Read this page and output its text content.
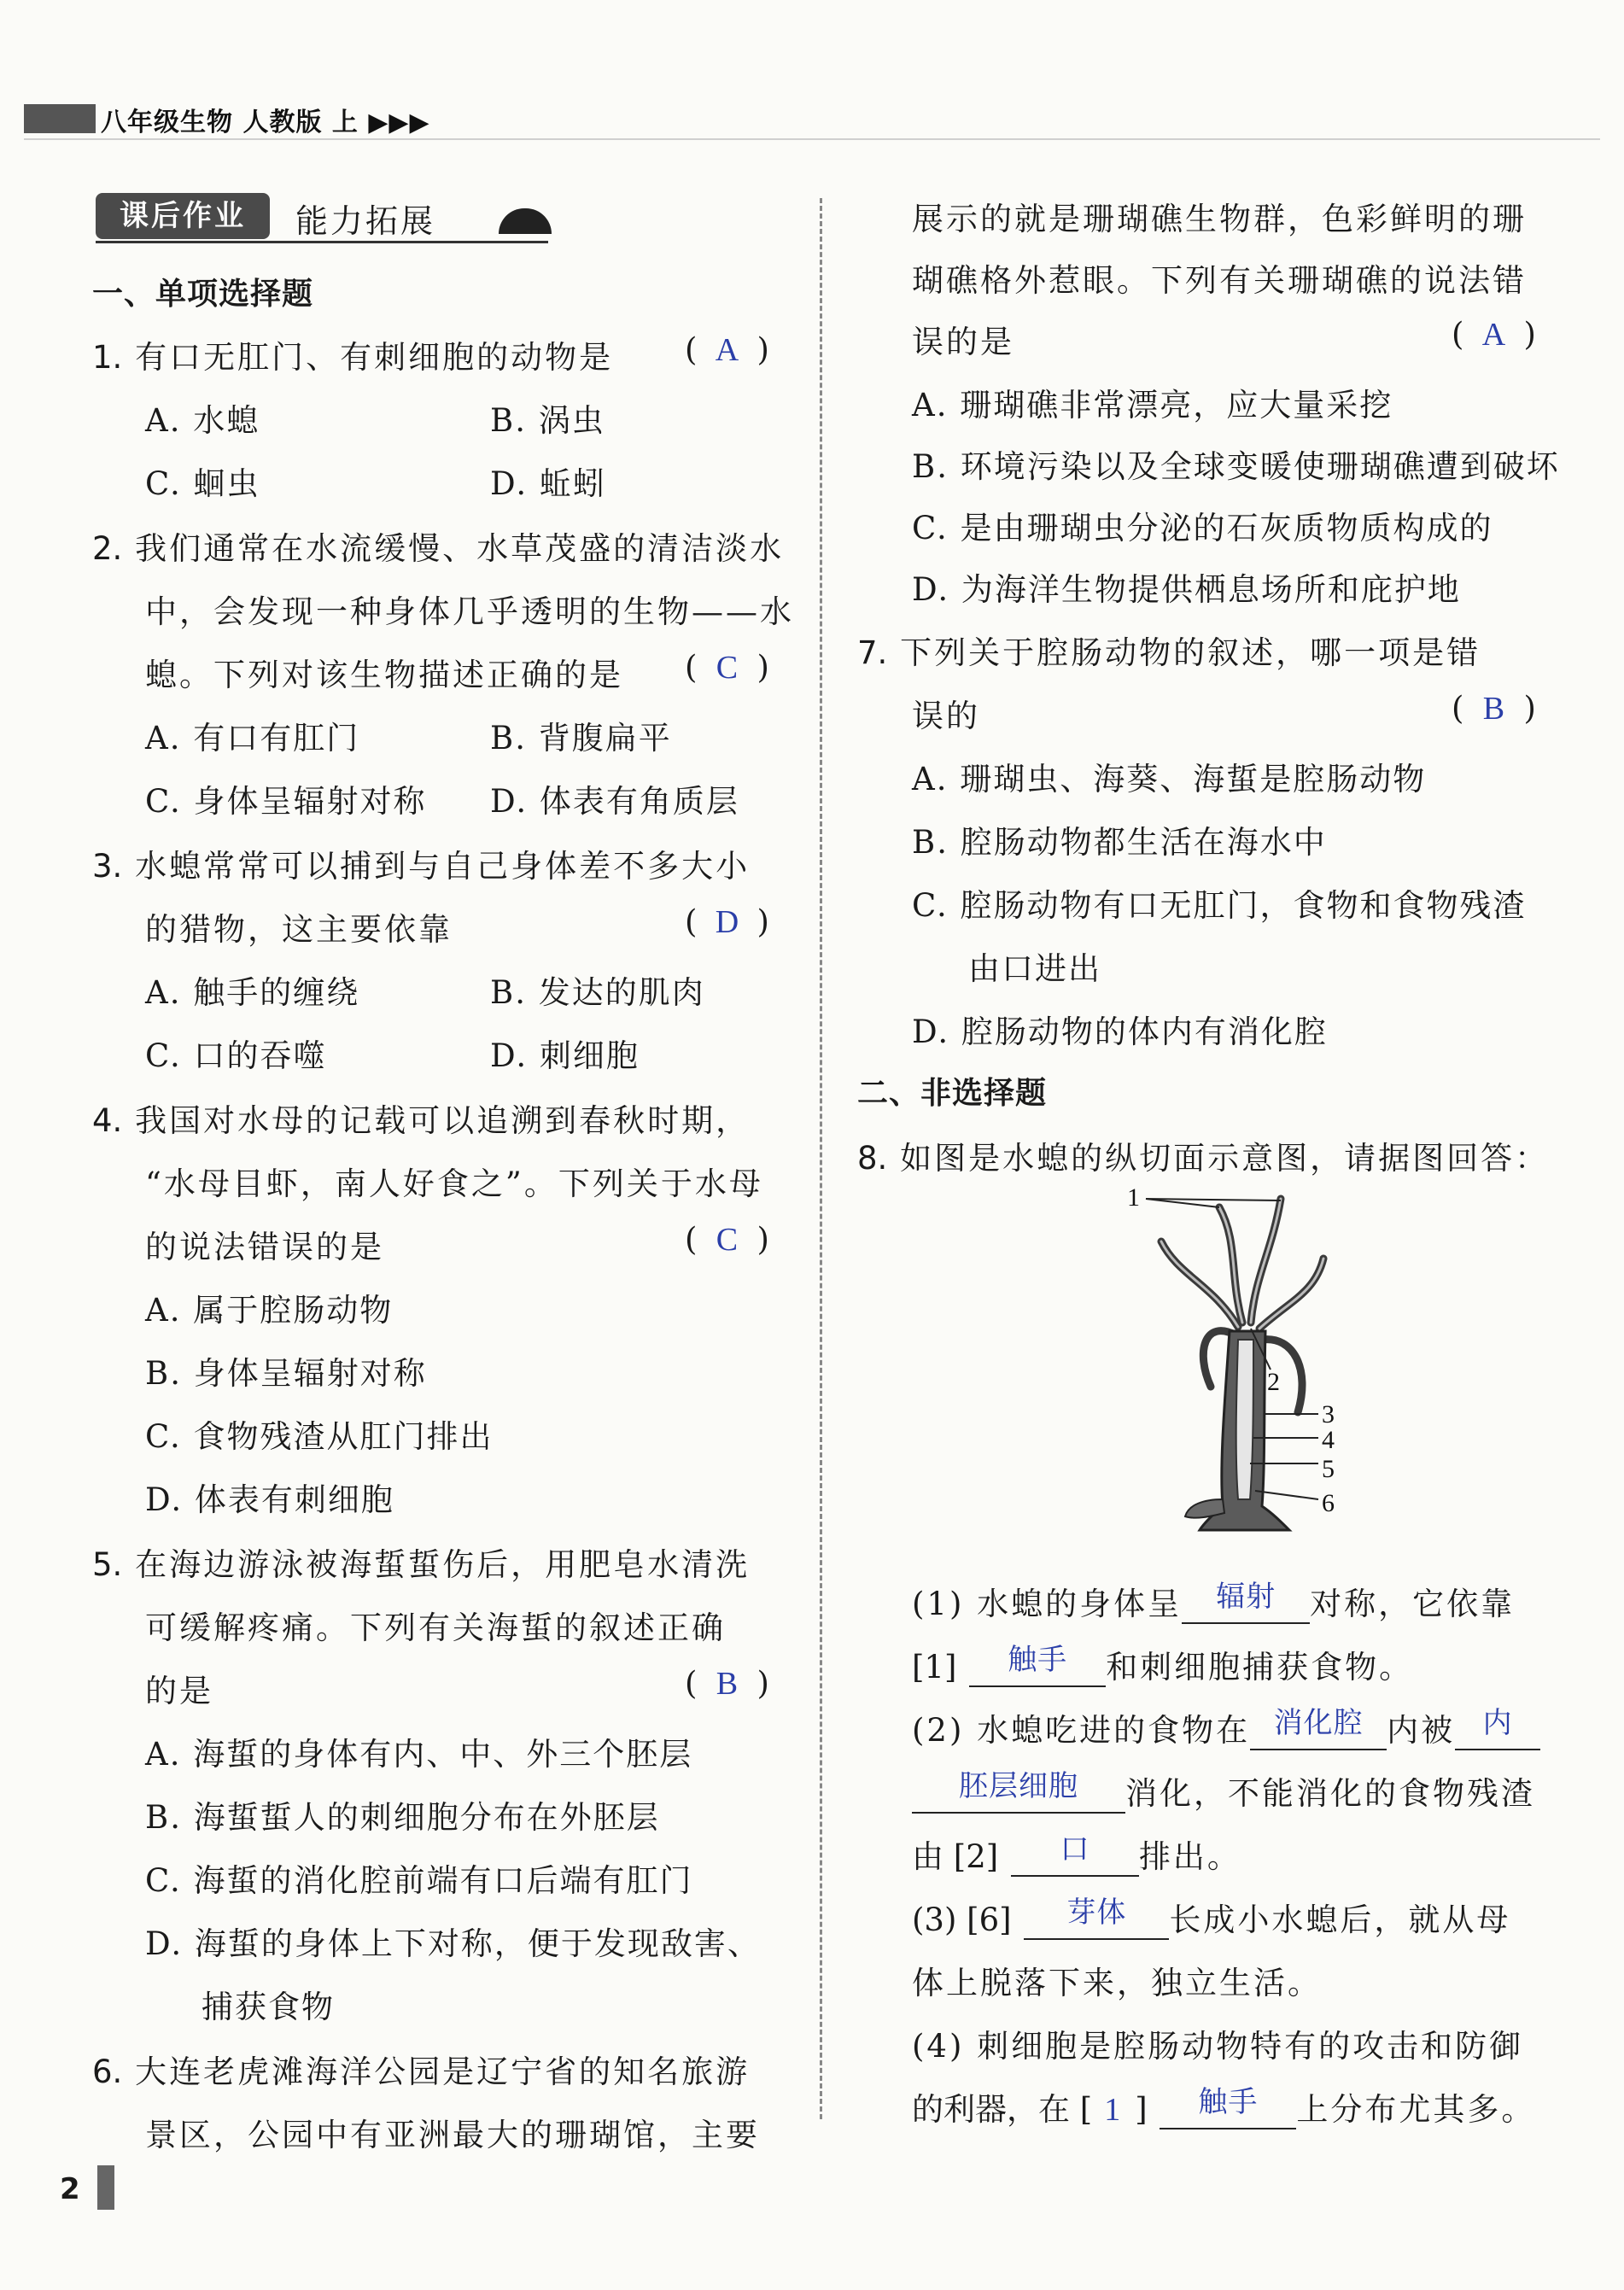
八年级生物 人教版 上 ▶▶▶
课后作业	能力拓展
一、单项选择题
1. 有口无肛门、有刺细胞的动物是 ( A )
A. 水螅	B. 涡虫
C. 蛔虫	D. 蚯蚓
2. 我们通常在水流缓慢、水草茂盛的清洁淡水
中，会发现一种身体几乎透明的生物——水
螅。下列对该生物描述正确的是 ( C )
A. 有口有肛门	B. 背腹扁平
C. 身体呈辐射对称 D. 体表有角质层
3. 水螅常常可以捕到与自己身体差不多大小
的猎物，这主要依靠	( D )
A. 触手的缠绕	B. 发达的肌肉
C. 口的吞噬	D. 刺细胞
4. 我国对水母的记载可以追溯到春秋时期，
“水母目虾，南人好食之”。下列关于水母
的说法错误的是	( C )
A. 属于腔肠动物
B. 身体呈辐射对称
C. 食物残渣从肛门排出
D. 体表有刺细胞
5. 在海边游泳被海蜇蜇伤后，用肥皂水清洗
可缓解疼痛。下列有关海蜇的叙述正确
的是	( B )
A. 海蜇的身体有内、中、外三个胚层
B. 海蜇蜇人的刺细胞分布在外胚层
C. 海蜇的消化腔前端有口后端有肛门
D. 海蜇的身体上下对称，便于发现敌害、
捕获食物
6. 大连老虎滩海洋公园是辽宁省的知名旅游
景区，公园中有亚洲最大的珊瑚馆，主要
展示的就是珊瑚礁生物群，色彩鲜明的珊
瑚礁格外惹眼。下列有关珊瑚礁的说法错
误的是	( A )
A. 珊瑚礁非常漂亮，应大量采挖
B. 环境污染以及全球变暖使珊瑚礁遭到破坏
C. 是由珊瑚虫分泌的石灰质物质构成的
D. 为海洋生物提供栖息场所和庇护地
7. 下列关于腔肠动物的叙述，哪一项是错
误的	( B )
A. 珊瑚虫、海葵、海蜇是腔肠动物
B. 腔肠动物都生活在海水中
C. 腔肠动物有口无肛门，食物和食物残渣
由口进出
D. 腔肠动物的体内有消化腔
二、非选择题
8. 如图是水螅的纵切面示意图，请据图回答：
1
2
3
4
5
6
(1) 水螅的身体呈	辐射	对称，它依靠
[1]	触手	和刺细胞捕获食物。
(2) 水螅吃进的食物在 消化腔 内被 内
胚层细胞	消化，不能消化的食物残渣
由 [2]	口	排出。
(3) [6]	芽体	长成小水螅后，就从母
体上脱落下来，独立生活。
(4) 刺细胞是腔肠动物特有的攻击和防御
的利器，在 [ 1 ]	触手	上分布尤其多。
2
